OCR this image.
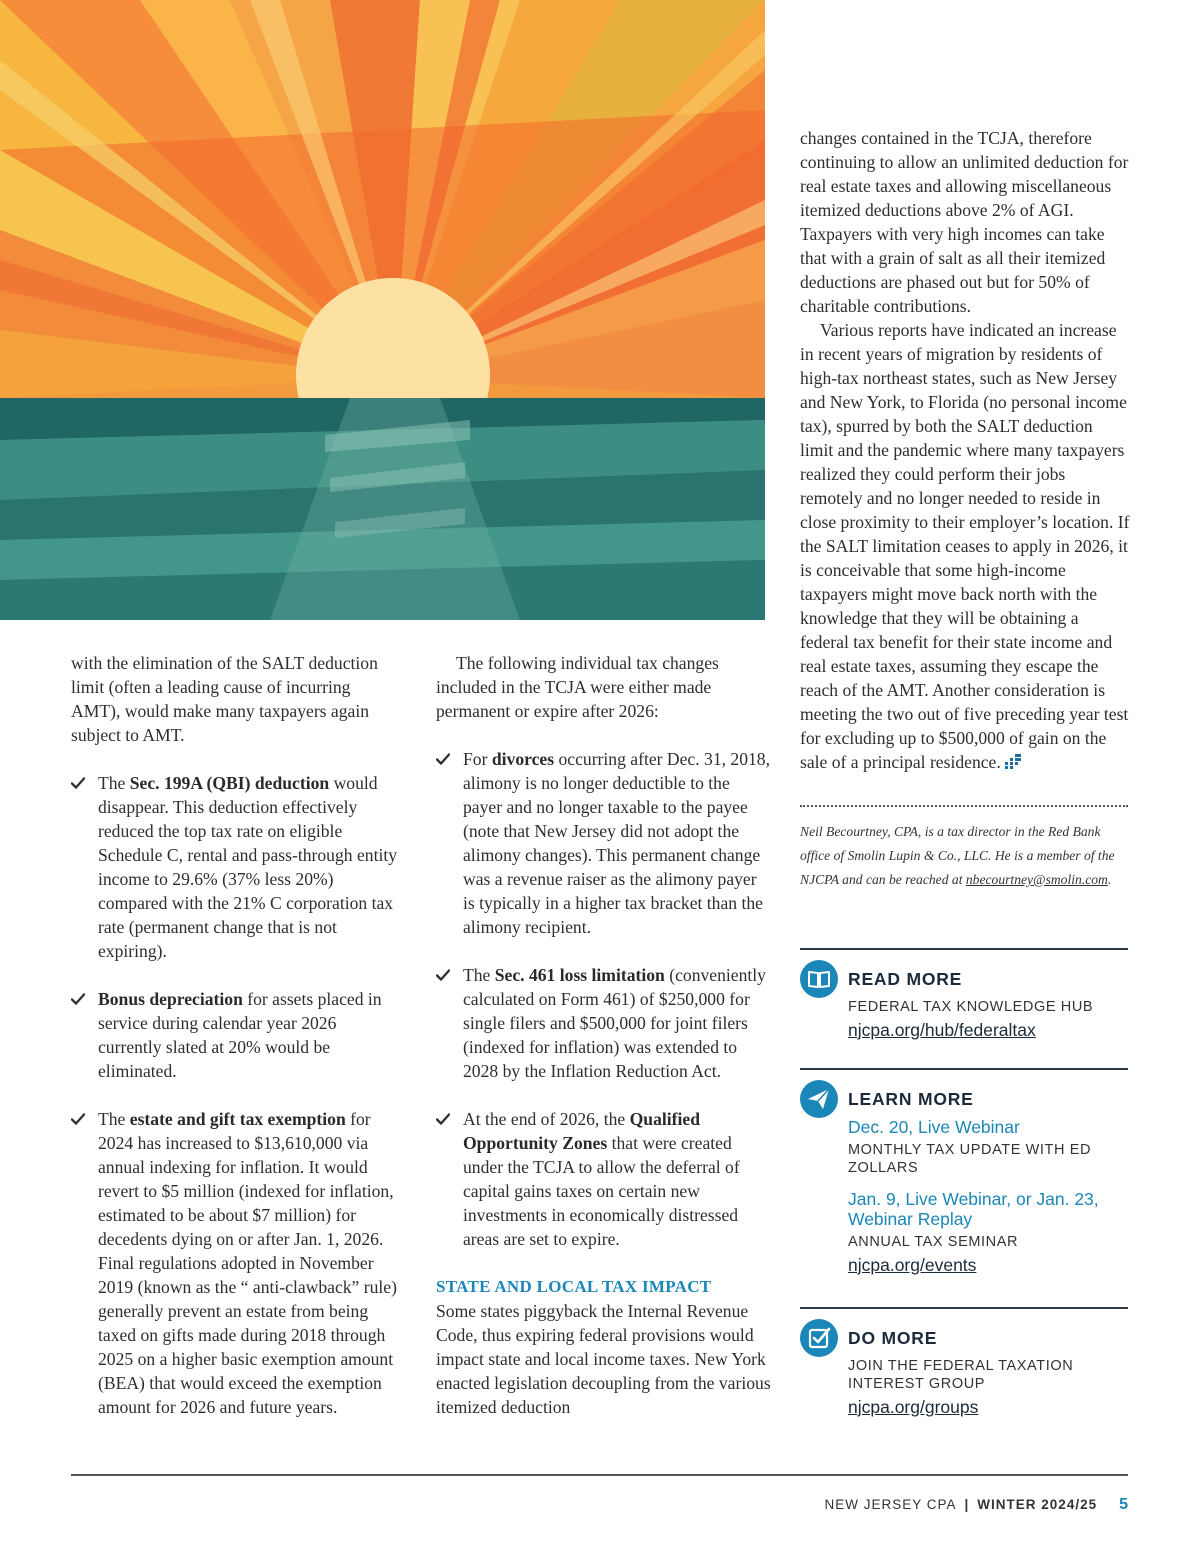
with the elimination of the SALT deduction limit (often a leading cause of incurring AMT), would make many taxpayers again subject to AMT.

The Sec. 199A (QBI) deduction would disappear. This deduction effectively reduced the top tax rate on eligible Schedule C, rental and pass-through entity income to 29.6% (37% less 20%) compared with the 21% C corporation tax rate (permanent change that is not expiring).
Bonus depreciation for assets placed in service during calendar year 2026 currently slated at 20% would be eliminated.
The estate and gift tax exemption for 2024 has increased to $13,610,000 via annual indexing for inflation. It would revert to $5 million (indexed for inflation, estimated to be about $7 million) for decedents dying on or after Jan. 1, 2026. Final regulations adopted in November 2019 (known as the “ anti-clawback” rule) generally prevent an estate from being taxed on gifts made during 2018 through 2025 on a higher basic exemption amount (BEA) that would exceed the exemption amount for 2026 and future years.

The following individual tax changes included in the TCJA were either made permanent or expire after 2026:

For divorces occurring after Dec. 31, 2018, alimony is no longer deductible to the payer and no longer taxable to the payee (note that New Jersey did not adopt the alimony changes). This permanent change was a revenue raiser as the alimony payer is typically in a higher tax bracket than the alimony recipient.
The Sec. 461 loss limitation (conveniently calculated on Form 461) of $250,000 for single filers and $500,000 for joint filers (indexed for inflation) was extended to 2028 by the Inflation Reduction Act.
At the end of 2026, the Qualified Opportunity Zones that were created under the TCJA to allow the deferral of capital gains taxes on certain new investments in economically distressed areas are set to expire.
STATE AND LOCAL TAX IMPACT

Some states piggyback the Internal Revenue Code, thus expiring federal provisions would impact state and local income taxes. New York enacted legislation decoupling from the various itemized deduction

changes contained in the TCJA, therefore continuing to allow an unlimited deduction for real estate taxes and allowing miscellaneous itemized deductions above 2% of AGI. Taxpayers with very high incomes can take that with a grain of salt as all their itemized deductions are phased out but for 50% of charitable contributions.

Various reports have indicated an increase in recent years of migration by residents of high-tax northeast states, such as New Jersey and New York, to Florida (no personal income tax), spurred by both the SALT deduction limit and the pandemic where many taxpayers realized they could perform their jobs remotely and no longer needed to reside in close proximity to their employer’s location. If the SALT limitation ceases to apply in 2026, it is conceivable that some high-income taxpayers might move back north with the knowledge that they will be obtaining a federal tax benefit for their state income and real estate taxes, assuming they escape the reach of the AMT. Another consideration is meeting the two out of five preceding year test for excluding up to $500,000 of gain on the sale of a principal residence.

Neil Becourtney, CPA, is a tax director in the Red Bank office of Smolin Lupin & Co., LLC. He is a member of the NJCPA and can be reached at nbecourtney@smolin.com.
READ MORE
FEDERAL TAX KNOWLEDGE HUB
njcpa.org/hub/federaltax
LEARN MORE
Dec. 20, Live Webinar
MONTHLY TAX UPDATE WITH ED ZOLLARS
Jan. 9, Live Webinar, or Jan. 23, Webinar Replay
ANNUAL TAX SEMINAR
njcpa.org/events
DO MORE
JOIN THE FEDERAL TAXATION INTEREST GROUP
njcpa.org/groups
NEW JERSEY CPA | WINTER 2024/25 5
